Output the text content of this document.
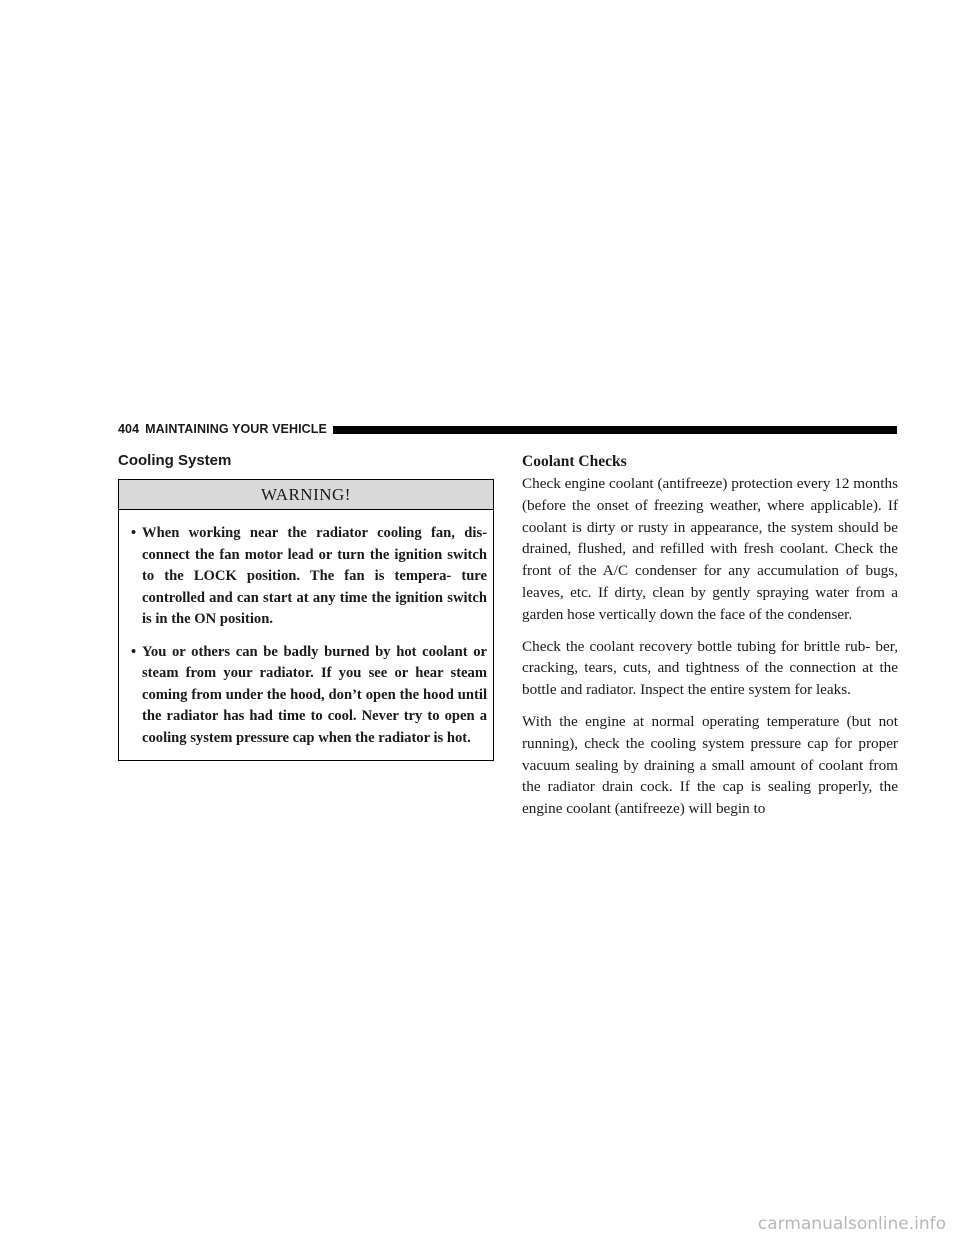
404 MAINTAINING YOUR VEHICLE
Cooling System
WARNING!
• When working near the radiator cooling fan, dis- connect the fan motor lead or turn the ignition switch to the LOCK position. The fan is tempera- ture controlled and can start at any time the ignition switch is in the ON position.
• You or others can be badly burned by hot coolant or steam from your radiator. If you see or hear steam coming from under the hood, don’t open the hood until the radiator has had time to cool. Never try to open a cooling system pressure cap when the radiator is hot.
Coolant Checks

Check engine coolant (antifreeze) protection every 12 months (before the onset of freezing weather, where applicable). If coolant is dirty or rusty in appearance, the system should be drained, flushed, and refilled with fresh coolant. Check the front of the A/C condenser for any accumulation of bugs, leaves, etc. If dirty, clean by gently spraying water from a garden hose vertically down the face of the condenser.

Check the coolant recovery bottle tubing for brittle rub- ber, cracking, tears, cuts, and tightness of the connection at the bottle and radiator. Inspect the entire system for leaks.

With the engine at normal operating temperature (but not running), check the cooling system pressure cap for proper vacuum sealing by draining a small amount of coolant from the radiator drain cock. If the cap is sealing properly, the engine coolant (antifreeze) will begin to

carmanualsonline.info
